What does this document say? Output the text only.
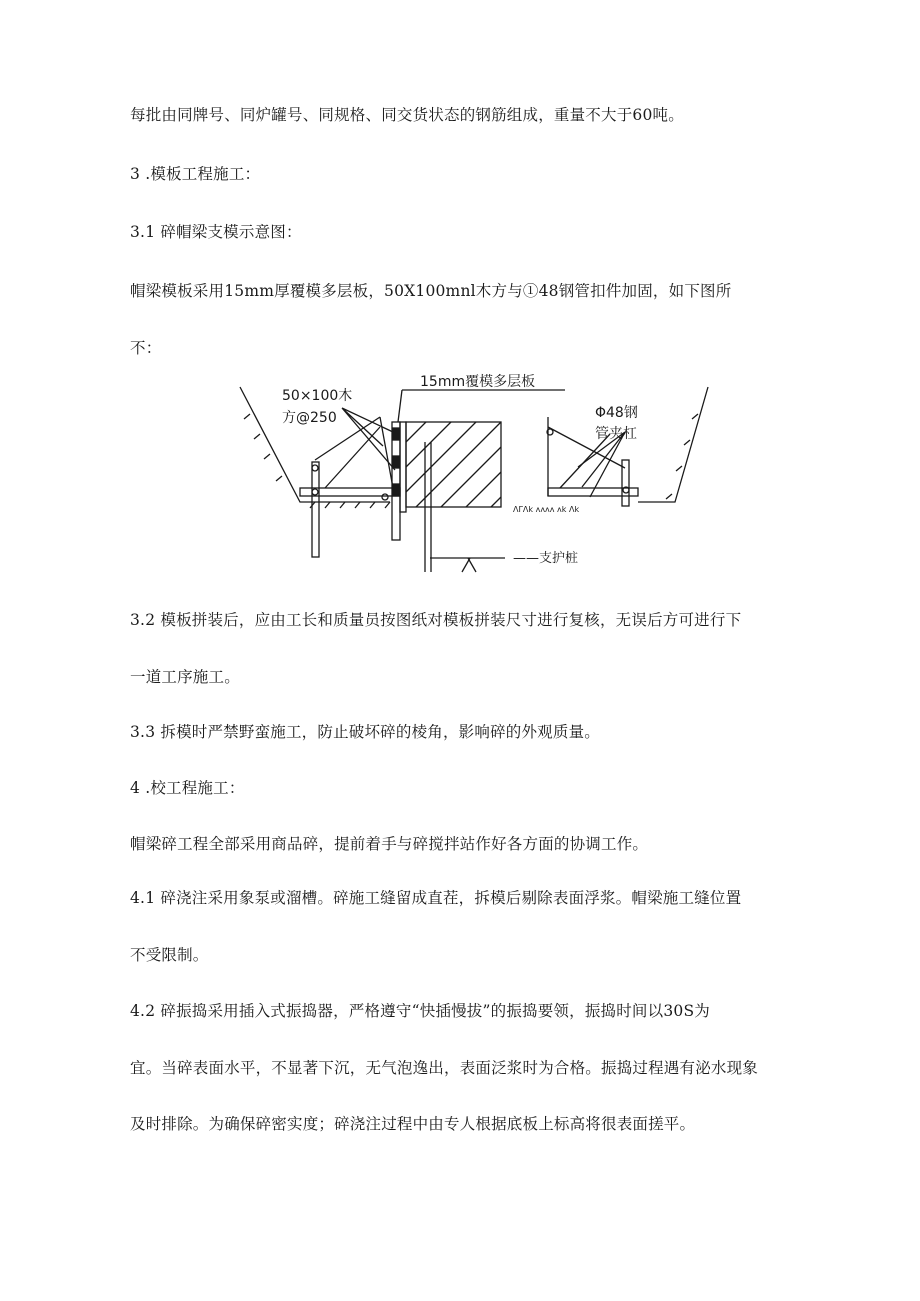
每批由同牌号、同炉罐号、同规格、同交货状态的钢筋组成，重量不大于60吨。

3 .模板工程施工：

3.1 碎帽梁支模示意图：

帽梁模板采用15mm厚覆模多层板，50X100mnl木方与①48钢管扣件加固，如下图所

不：

50×100木
方@250
15mm覆模多层板
Φ48钢
管夹杠
——支护桩
ΛΓΛk ᴧᴧᴧᴧ ᴧk Λk

3.2 模板拼装后，应由工长和质量员按图纸对模板拼装尺寸进行复核，无误后方可进行下

一道工序施工。

3.3 拆模时严禁野蛮施工，防止破坏碎的棱角，影响碎的外观质量。

4 .校工程施工：

帽梁碎工程全部采用商品碎，提前着手与碎搅拌站作好各方面的协调工作。

4.1 碎浇注采用象泵或溜槽。碎施工缝留成直茬，拆模后剔除表面浮浆。帽梁施工缝位置

不受限制。

4.2 碎振捣采用插入式振捣器，严格遵守“快插慢拔”的振捣要领，振捣时间以30S为

宜。当碎表面水平，不显著下沉，无气泡逸出，表面泛浆时为合格。振捣过程遇有泌水现象

及时排除。为确保碎密实度；碎浇注过程中由专人根据底板上标高将很表面搓平。
